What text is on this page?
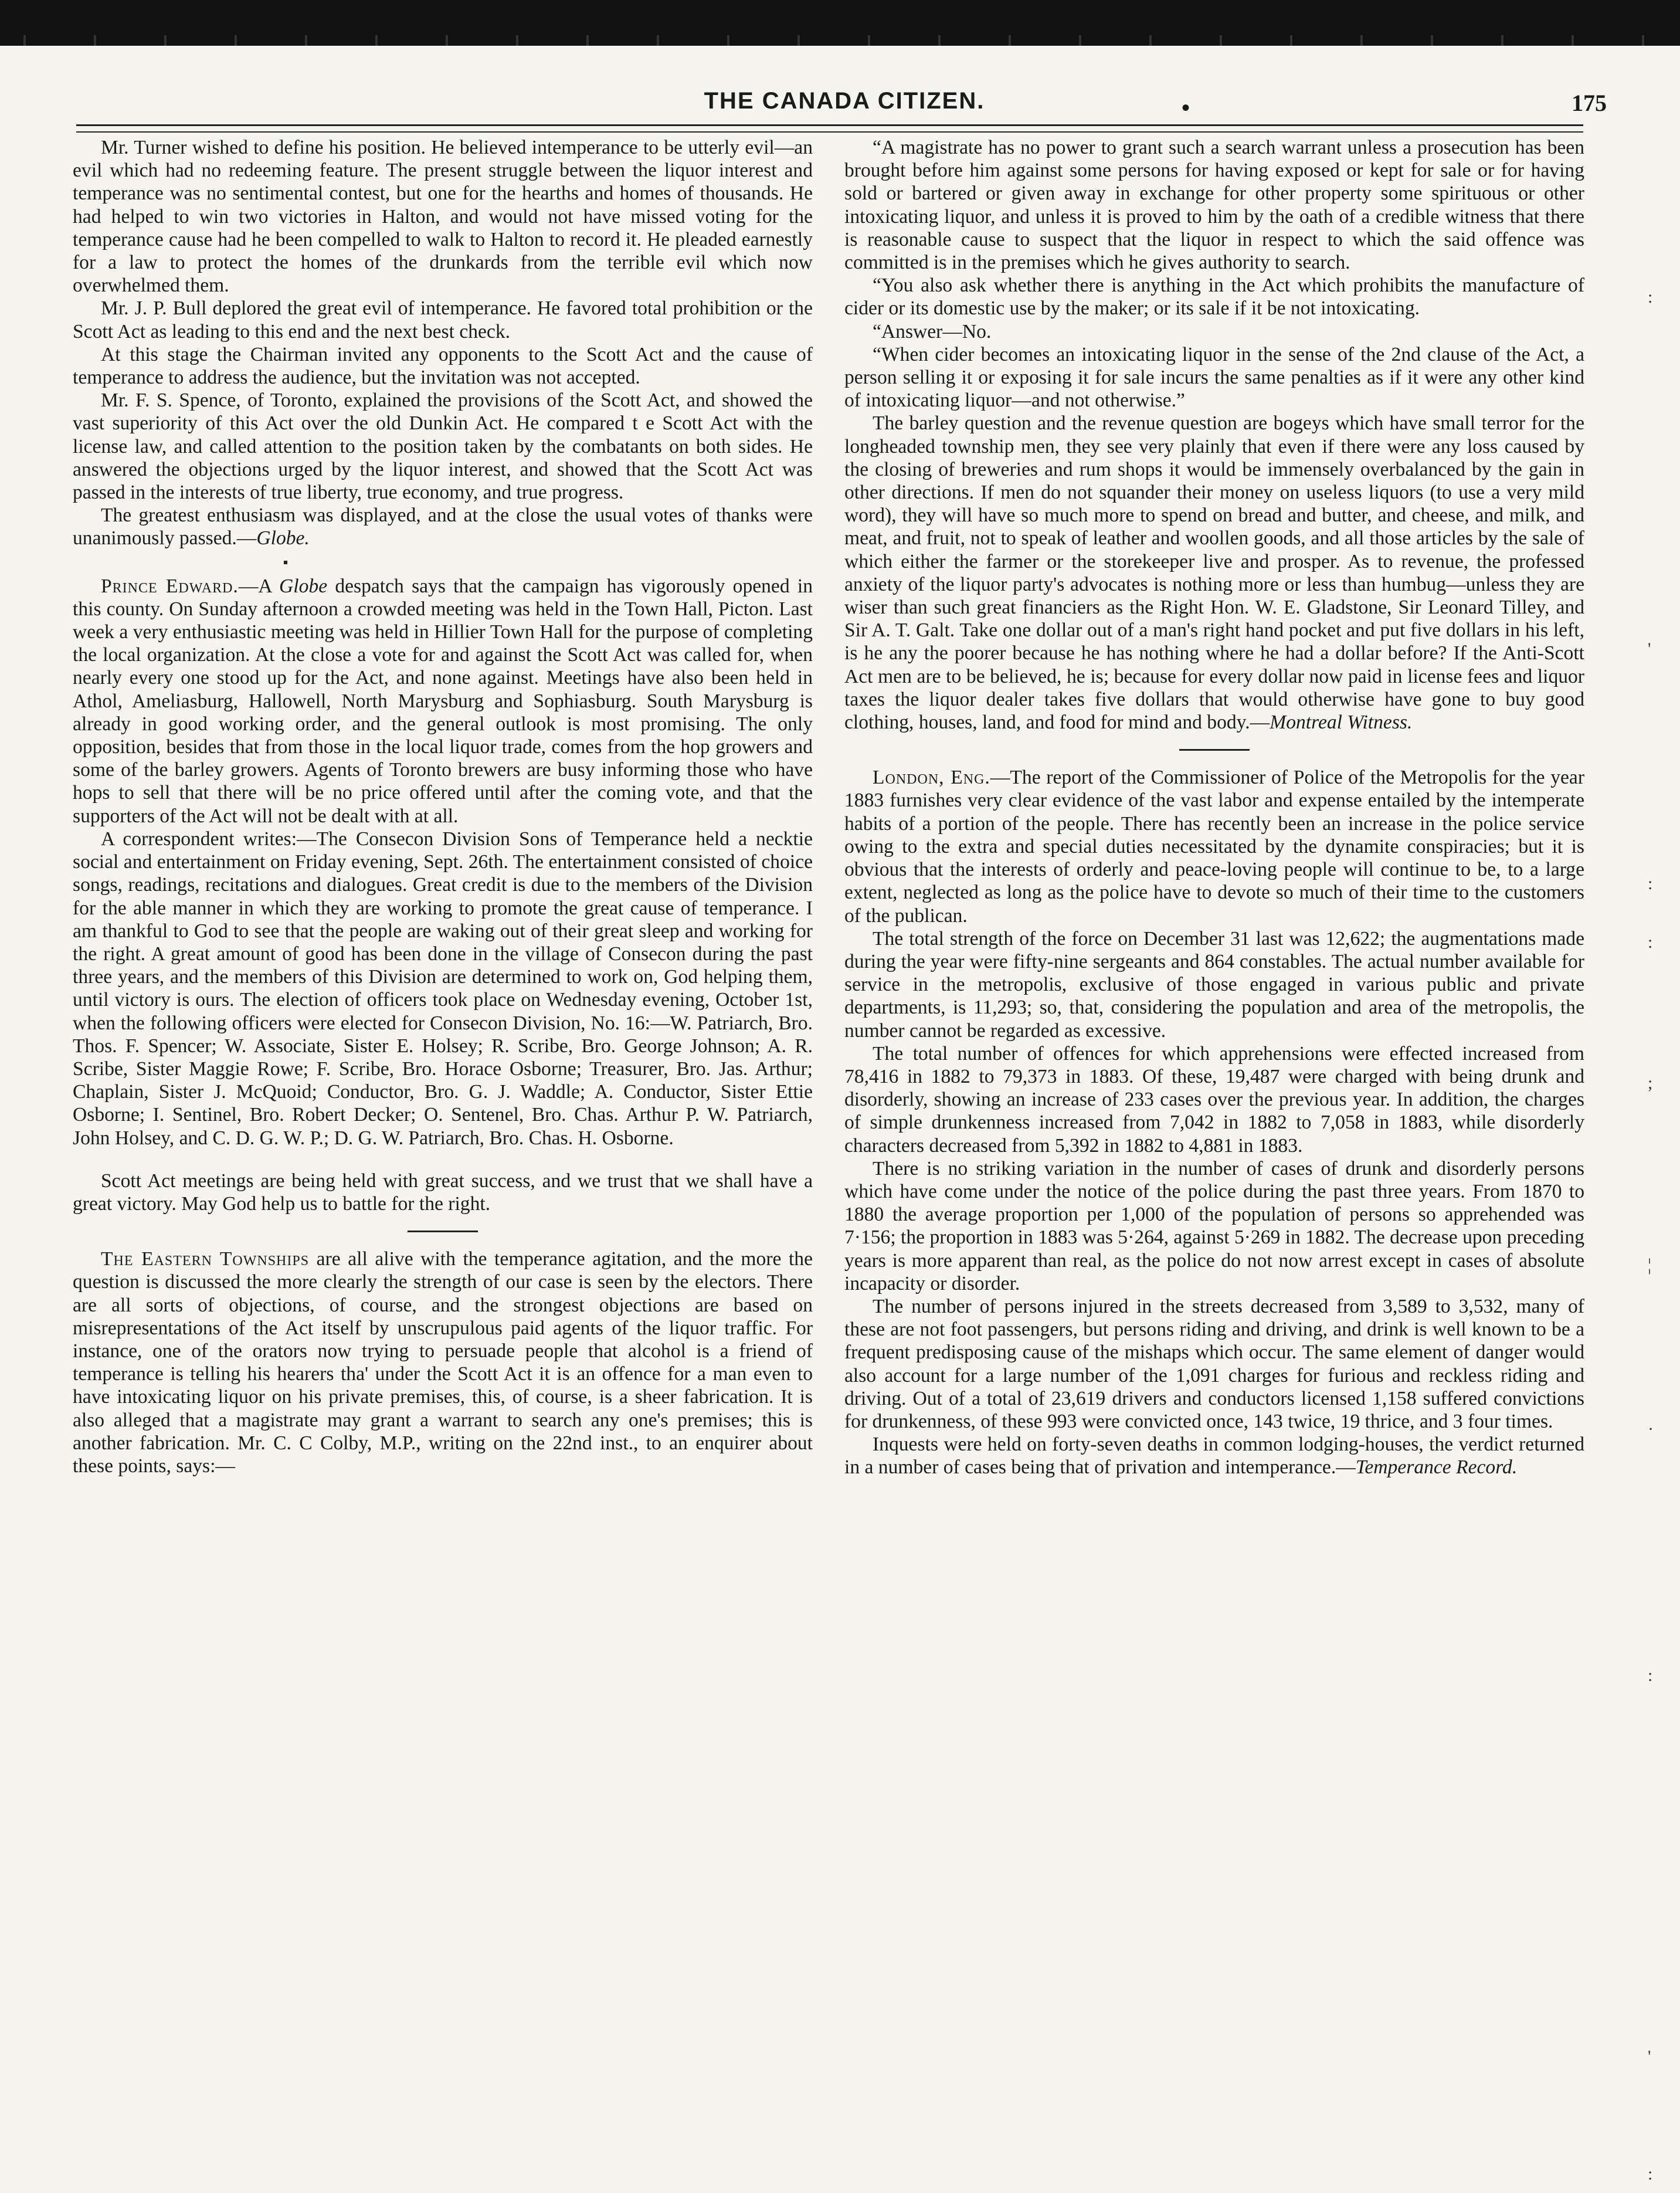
THE CANADA CITIZEN.	•	175

Mr. Turner wished to define his position. He believed intemperance to be utterly evil—an evil which had no redeeming feature. The present struggle between the liquor interest and temperance was no sentimental contest, but one for the hearths and homes of thousands. He had helped to win two victories in Halton, and would not have missed voting for the temperance cause had he been compelled to walk to Halton to record it. He pleaded earnestly for a law to protect the homes of the drunkards from the terrible evil which now overwhelmed them.

Mr. J. P. Bull deplored the great evil of intemperance. He favored total prohibition or the Scott Act as leading to this end and the next best check.

At this stage the Chairman invited any opponents to the Scott Act and the cause of temperance to address the audience, but the invitation was not accepted.

Mr. F. S. Spence, of Toronto, explained the provisions of the Scott Act, and showed the vast superiority of this Act over the old Dunkin Act. He compared t e Scott Act with the license law, and called attention to the position taken by the combatants on both sides. He answered the objections urged by the liquor interest, and showed that the Scott Act was passed in the interests of true liberty, true economy, and true progress.

The greatest enthusiasm was displayed, and at the close the usual votes of thanks were unanimously passed.—Globe.

Prince Edward.—A Globe despatch says that the campaign has vigorously opened in this county. On Sunday afternoon a crowded meeting was held in the Town Hall, Picton. Last week a very enthusiastic meeting was held in Hillier Town Hall for the purpose of completing the local organization. At the close a vote for and against the Scott Act was called for, when nearly every one stood up for the Act, and none against. Meetings have also been held in Athol, Ameliasburg, Hallowell, North Marysburg and Sophiasburg. South Marysburg is already in good working order, and the general outlook is most promising. The only opposition, besides that from those in the local liquor trade, comes from the hop growers and some of the barley growers. Agents of Toronto brewers are busy informing those who have hops to sell that there will be no price offered until after the coming vote, and that the supporters of the Act will not be dealt with at all.

A correspondent writes:—The Consecon Division Sons of Temperance held a necktie social and entertainment on Friday evening, Sept. 26th. The entertainment consisted of choice songs, readings, recitations and dialogues. Great credit is due to the members of the Division for the able manner in which they are working to promote the great cause of temperance. I am thankful to God to see that the people are waking out of their great sleep and working for the right. A great amount of good has been done in the village of Consecon during the past three years, and the members of this Division are determined to work on, God helping them, until victory is ours. The election of officers took place on Wednesday evening, October 1st, when the following officers were elected for Consecon Division, No. 16:—W. Patriarch, Bro. Thos. F. Spencer; W. Associate, Sister E. Holsey; R. Scribe, Bro. George Johnson; A. R. Scribe, Sister Maggie Rowe; F. Scribe, Bro. Horace Osborne; Treasurer, Bro. Jas. Arthur; Chaplain, Sister J. McQuoid; Conductor, Bro. G. J. Waddle; A. Conductor, Sister Ettie Osborne; I. Sentinel, Bro. Robert Decker; O. Sentenel, Bro. Chas. Arthur P. W. Patriarch, John Holsey, and C. D. G. W. P.; D. G. W. Patriarch, Bro. Chas. H. Osborne.

Scott Act meetings are being held with great success, and we trust that we shall have a great victory. May God help us to battle for the right.

The Eastern Townships are all alive with the temperance agitation, and the more the question is discussed the more clearly the strength of our case is seen by the electors. There are all sorts of objections, of course, and the strongest objections are based on misrepresentations of the Act itself by unscrupulous paid agents of the liquor traffic. For instance, one of the orators now trying to persuade people that alcohol is a friend of temperance is telling his hearers tha' under the Scott Act it is an offence for a man even to have intoxicating liquor on his private premises, this, of course, is a sheer fabrication. It is also alleged that a magistrate may grant a warrant to search any one's premises; this is another fabrication. Mr. C. C Colby, M.P., writing on the 22nd inst., to an enquirer about these points, says:—

“A magistrate has no power to grant such a search warrant unless a prosecution has been brought before him against some persons for having exposed or kept for sale or for having sold or bartered or given away in exchange for other property some spirituous or other intoxicating liquor, and unless it is proved to him by the oath of a credible witness that there is reasonable cause to suspect that the liquor in respect to which the said offence was committed is in the premises which he gives authority to search.

“You also ask whether there is anything in the Act which prohibits the manufacture of cider or its domestic use by the maker; or its sale if it be not intoxicating.

“Answer—No.

“When cider becomes an intoxicating liquor in the sense of the 2nd clause of the Act, a person selling it or exposing it for sale incurs the same penalties as if it were any other kind of intoxicating liquor—and not otherwise.”

The barley question and the revenue question are bogeys which have small terror for the longheaded township men, they see very plainly that even if there were any loss caused by the closing of breweries and rum shops it would be immensely overbalanced by the gain in other directions. If men do not squander their money on useless liquors (to use a very mild word), they will have so much more to spend on bread and butter, and cheese, and milk, and meat, and fruit, not to speak of leather and woollen goods, and all those articles by the sale of which either the farmer or the storekeeper live and prosper. As to revenue, the professed anxiety of the liquor party's advocates is nothing more or less than humbug—unless they are wiser than such great financiers as the Right Hon. W. E. Gladstone, Sir Leonard Tilley, and Sir A. T. Galt. Take one dollar out of a man's right hand pocket and put five dollars in his left, is he any the poorer because he has nothing where he had a dollar before? If the Anti-Scott Act men are to be believed, he is; because for every dollar now paid in license fees and liquor taxes the liquor dealer takes five dollars that would otherwise have gone to buy good clothing, houses, land, and food for mind and body.—Montreal Witness.

London, Eng.—The report of the Commissioner of Police of the Metropolis for the year 1883 furnishes very clear evidence of the vast labor and expense entailed by the intemperate habits of a portion of the people. There has recently been an increase in the police service owing to the extra and special duties necessitated by the dynamite conspiracies; but it is obvious that the interests of orderly and peace-loving people will continue to be, to a large extent, neglected as long as the police have to devote so much of their time to the customers of the publican.

The total strength of the force on December 31 last was 12,622; the augmentations made during the year were fifty-nine sergeants and 864 constables. The actual number available for service in the metropolis, exclusive of those engaged in various public and private departments, is 11,293; so, that, considering the population and area of the metropolis, the number cannot be regarded as excessive.

The total number of offences for which apprehensions were effected increased from 78,416 in 1882 to 79,373 in 1883. Of these, 19,487 were charged with being drunk and disorderly, showing an increase of 233 cases over the previous year. In addition, the charges of simple drunkenness increased from 7,042 in 1882 to 7,058 in 1883, while disorderly characters decreased from 5,392 in 1882 to 4,881 in 1883.

There is no striking variation in the number of cases of drunk and disorderly persons which have come under the notice of the police during the past three years. From 1870 to 1880 the average proportion per 1,000 of the population of persons so apprehended was 7·156; the proportion in 1883 was 5·264, against 5·269 in 1882. The decrease upon preceding years is more apparent than real, as the police do not now arrest except in cases of absolute incapacity or disorder.

The number of persons injured in the streets decreased from 3,589 to 3,532, many of these are not foot passengers, but persons riding and driving, and drink is well known to be a frequent predisposing cause of the mishaps which occur. The same element of danger would also account for a large number of the 1,091 charges for furious and reckless riding and driving. Out of a total of 23,619 drivers and conductors licensed 1,158 suffered convictions for drunkenness, of these 993 were convicted once, 143 twice, 19 thrice, and 3 four times.

Inquests were held on forty-seven deaths in common lodging-houses, the verdict returned in a number of cases being that of privation and intemperance.—Temperance Record.

:
'
:
:
;
¦
·
:
'
:
